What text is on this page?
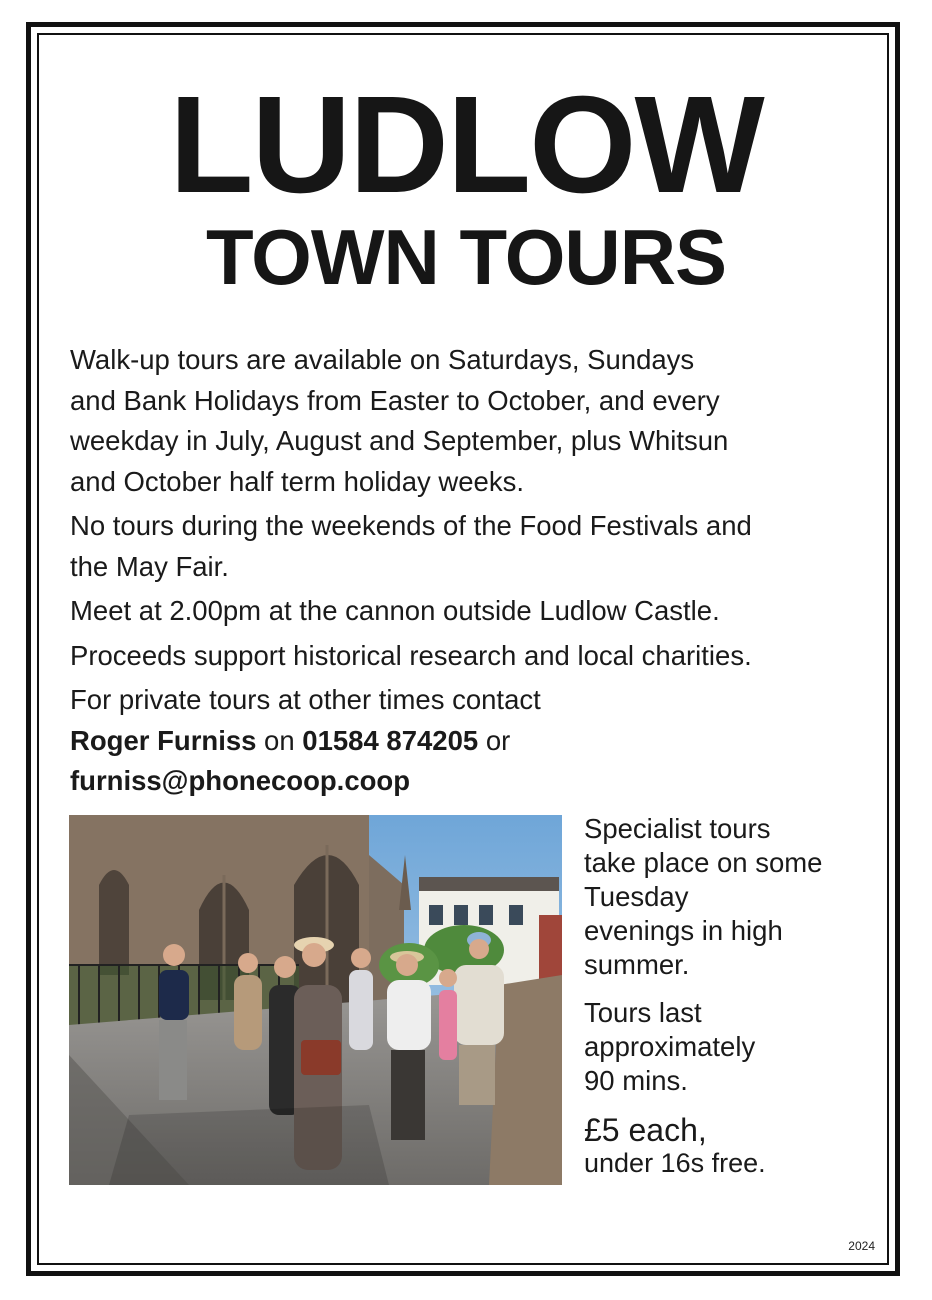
LUDLOW
TOWN TOURS

Walk-up tours are available on Saturdays, Sundays
and Bank Holidays from Easter to October, and every
weekday in July, August and September, plus Whitsun
and October half term holiday weeks.

No tours during the weekends of the Food Festivals and
the May Fair.

Meet at 2.00pm at the cannon outside Ludlow Castle.

Proceeds support historical research and local charities.

For private tours at other times contact
Roger Furniss on 01584 874205 or
furniss@phonecoop.coop

Specialist tours
take place on some
Tuesday
evenings in high
summer.

Tours last
approximately
90 mins.

£5 each,
under 16s free.
2024
